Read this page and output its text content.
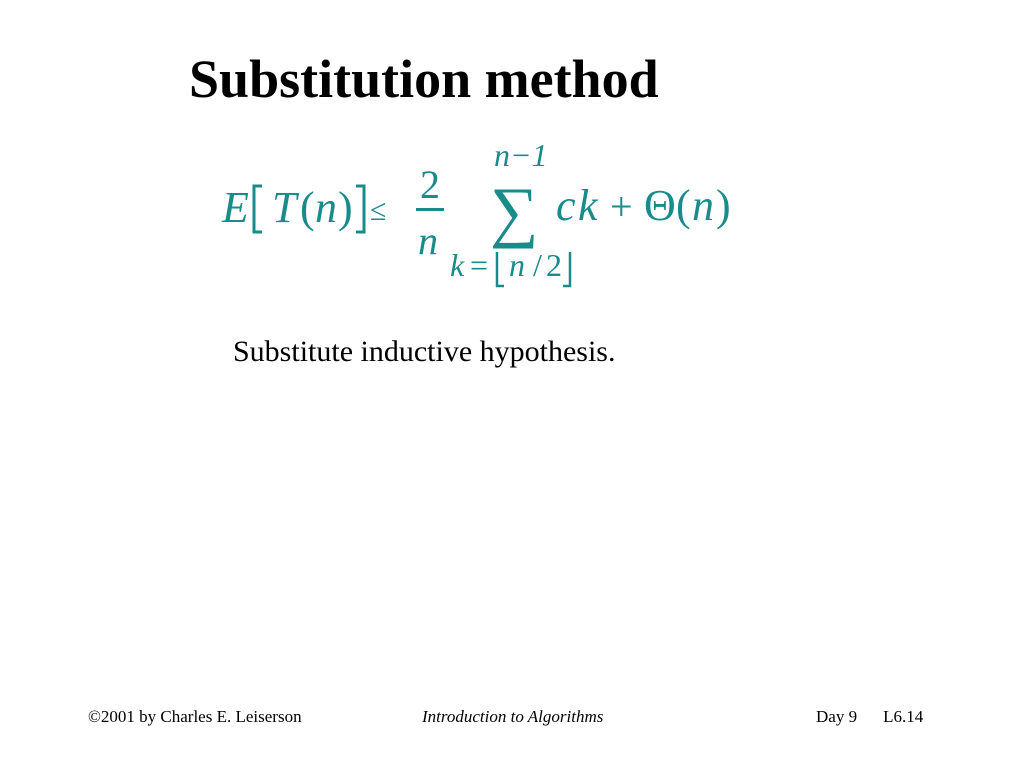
Substitution method
E T n
( ) ≤
2
n
n−1
∑
k = n / 2
c k + Θ ( n )
Substitute inductive hypothesis.
©2001 by Charles E. Leiserson	Introduction to Algorithms	Day 9 L6.14
